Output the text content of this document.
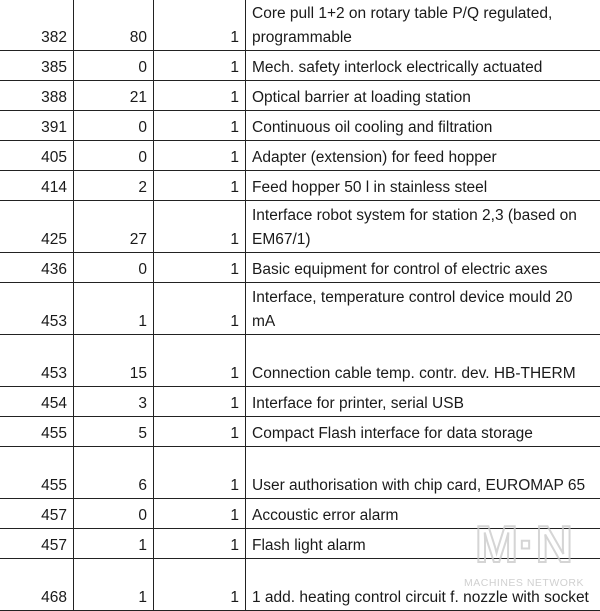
382	80	1	Core pull 1+2 on rotary table P/Q regulated, programmable
385	0	1	Mech. safety interlock electrically actuated
388	21	1	Optical barrier at loading station
391	0	1	Continuous oil cooling and filtration
405	0	1	Adapter (extension) for feed hopper
414	2	1	Feed hopper 50 l in stainless steel
425	27	1	Interface robot system for station 2,3 (based on EM67/1)
436	0	1	Basic equipment for control of electric axes
453	1	1	Interface, temperature control device mould 20 mA
453	15	1	Connection cable temp. contr. dev. HB-THERM
454	3	1	Interface for printer, serial USB
455	5	1	Compact Flash interface for data storage
455	6	1	User authorisation with chip card, EUROMAP 65
457	0	1	Accoustic error alarm
457	1	1	Flash light alarm
468	1	1	1 add. heating control circuit f. nozzle with socket
M·N
MACHINES NETWORK
